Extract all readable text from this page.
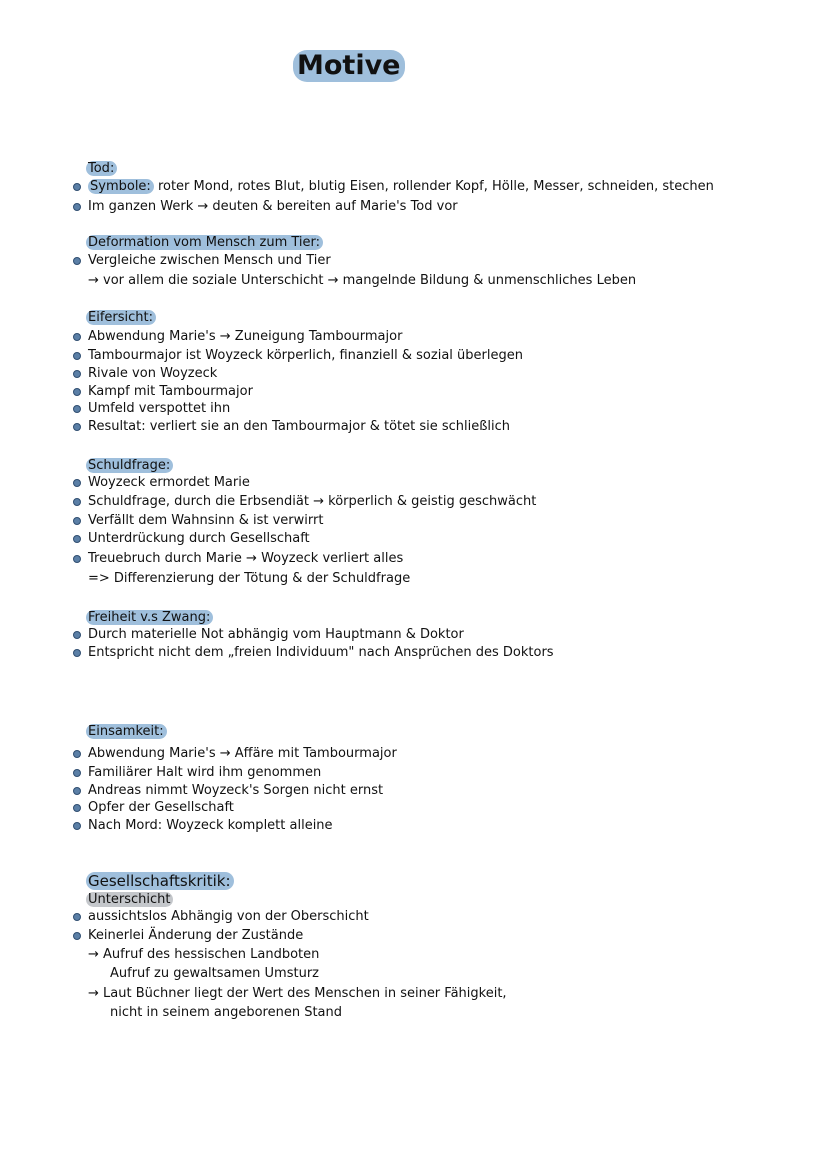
Motive
Tod:
Symbole: roter Mond, rotes Blut, blutig Eisen, rollender Kopf, Hölle, Messer, schneiden, stechen
Im ganzen Werk → deuten & bereiten auf Marie's Tod vor
Deformation vom Mensch zum Tier:
Vergleiche zwischen Mensch und Tier
→ vor allem die soziale Unterschicht → mangelnde Bildung & unmenschliches Leben
Eifersicht:
Abwendung Marie's → Zuneigung Tambourmajor
Tambourmajor ist Woyzeck körperlich, finanziell & sozial überlegen
Rivale von Woyzeck
Kampf mit Tambourmajor
Umfeld verspottet ihn
Resultat: verliert sie an den Tambourmajor & tötet sie schließlich
Schuldfrage:
Woyzeck ermordet Marie
Schuldfrage, durch die Erbsendiät → körperlich & geistig geschwächt
Verfällt dem Wahnsinn & ist verwirrt
Unterdrückung durch Gesellschaft
Treuebruch durch Marie → Woyzeck verliert alles
=> Differenzierung der Tötung & der Schuldfrage
Freiheit v.s Zwang:
Durch materielle Not abhängig vom Hauptmann & Doktor
Entspricht nicht dem „freien Individuum" nach Ansprüchen des Doktors
Einsamkeit:
Abwendung Marie's → Affäre mit Tambourmajor
Familiärer Halt wird ihm genommen
Andreas nimmt Woyzeck's Sorgen nicht ernst
Opfer der Gesellschaft
Nach Mord: Woyzeck komplett alleine
Gesellschaftskritik:
Unterschicht
aussichtslos Abhängig von der Oberschicht
Keinerlei Änderung der Zustände
→ Aufruf des hessischen Landboten
Aufruf zu gewaltsamen Umsturz
→ Laut Büchner liegt der Wert des Menschen in seiner Fähigkeit,
nicht in seinem angeborenen Stand
